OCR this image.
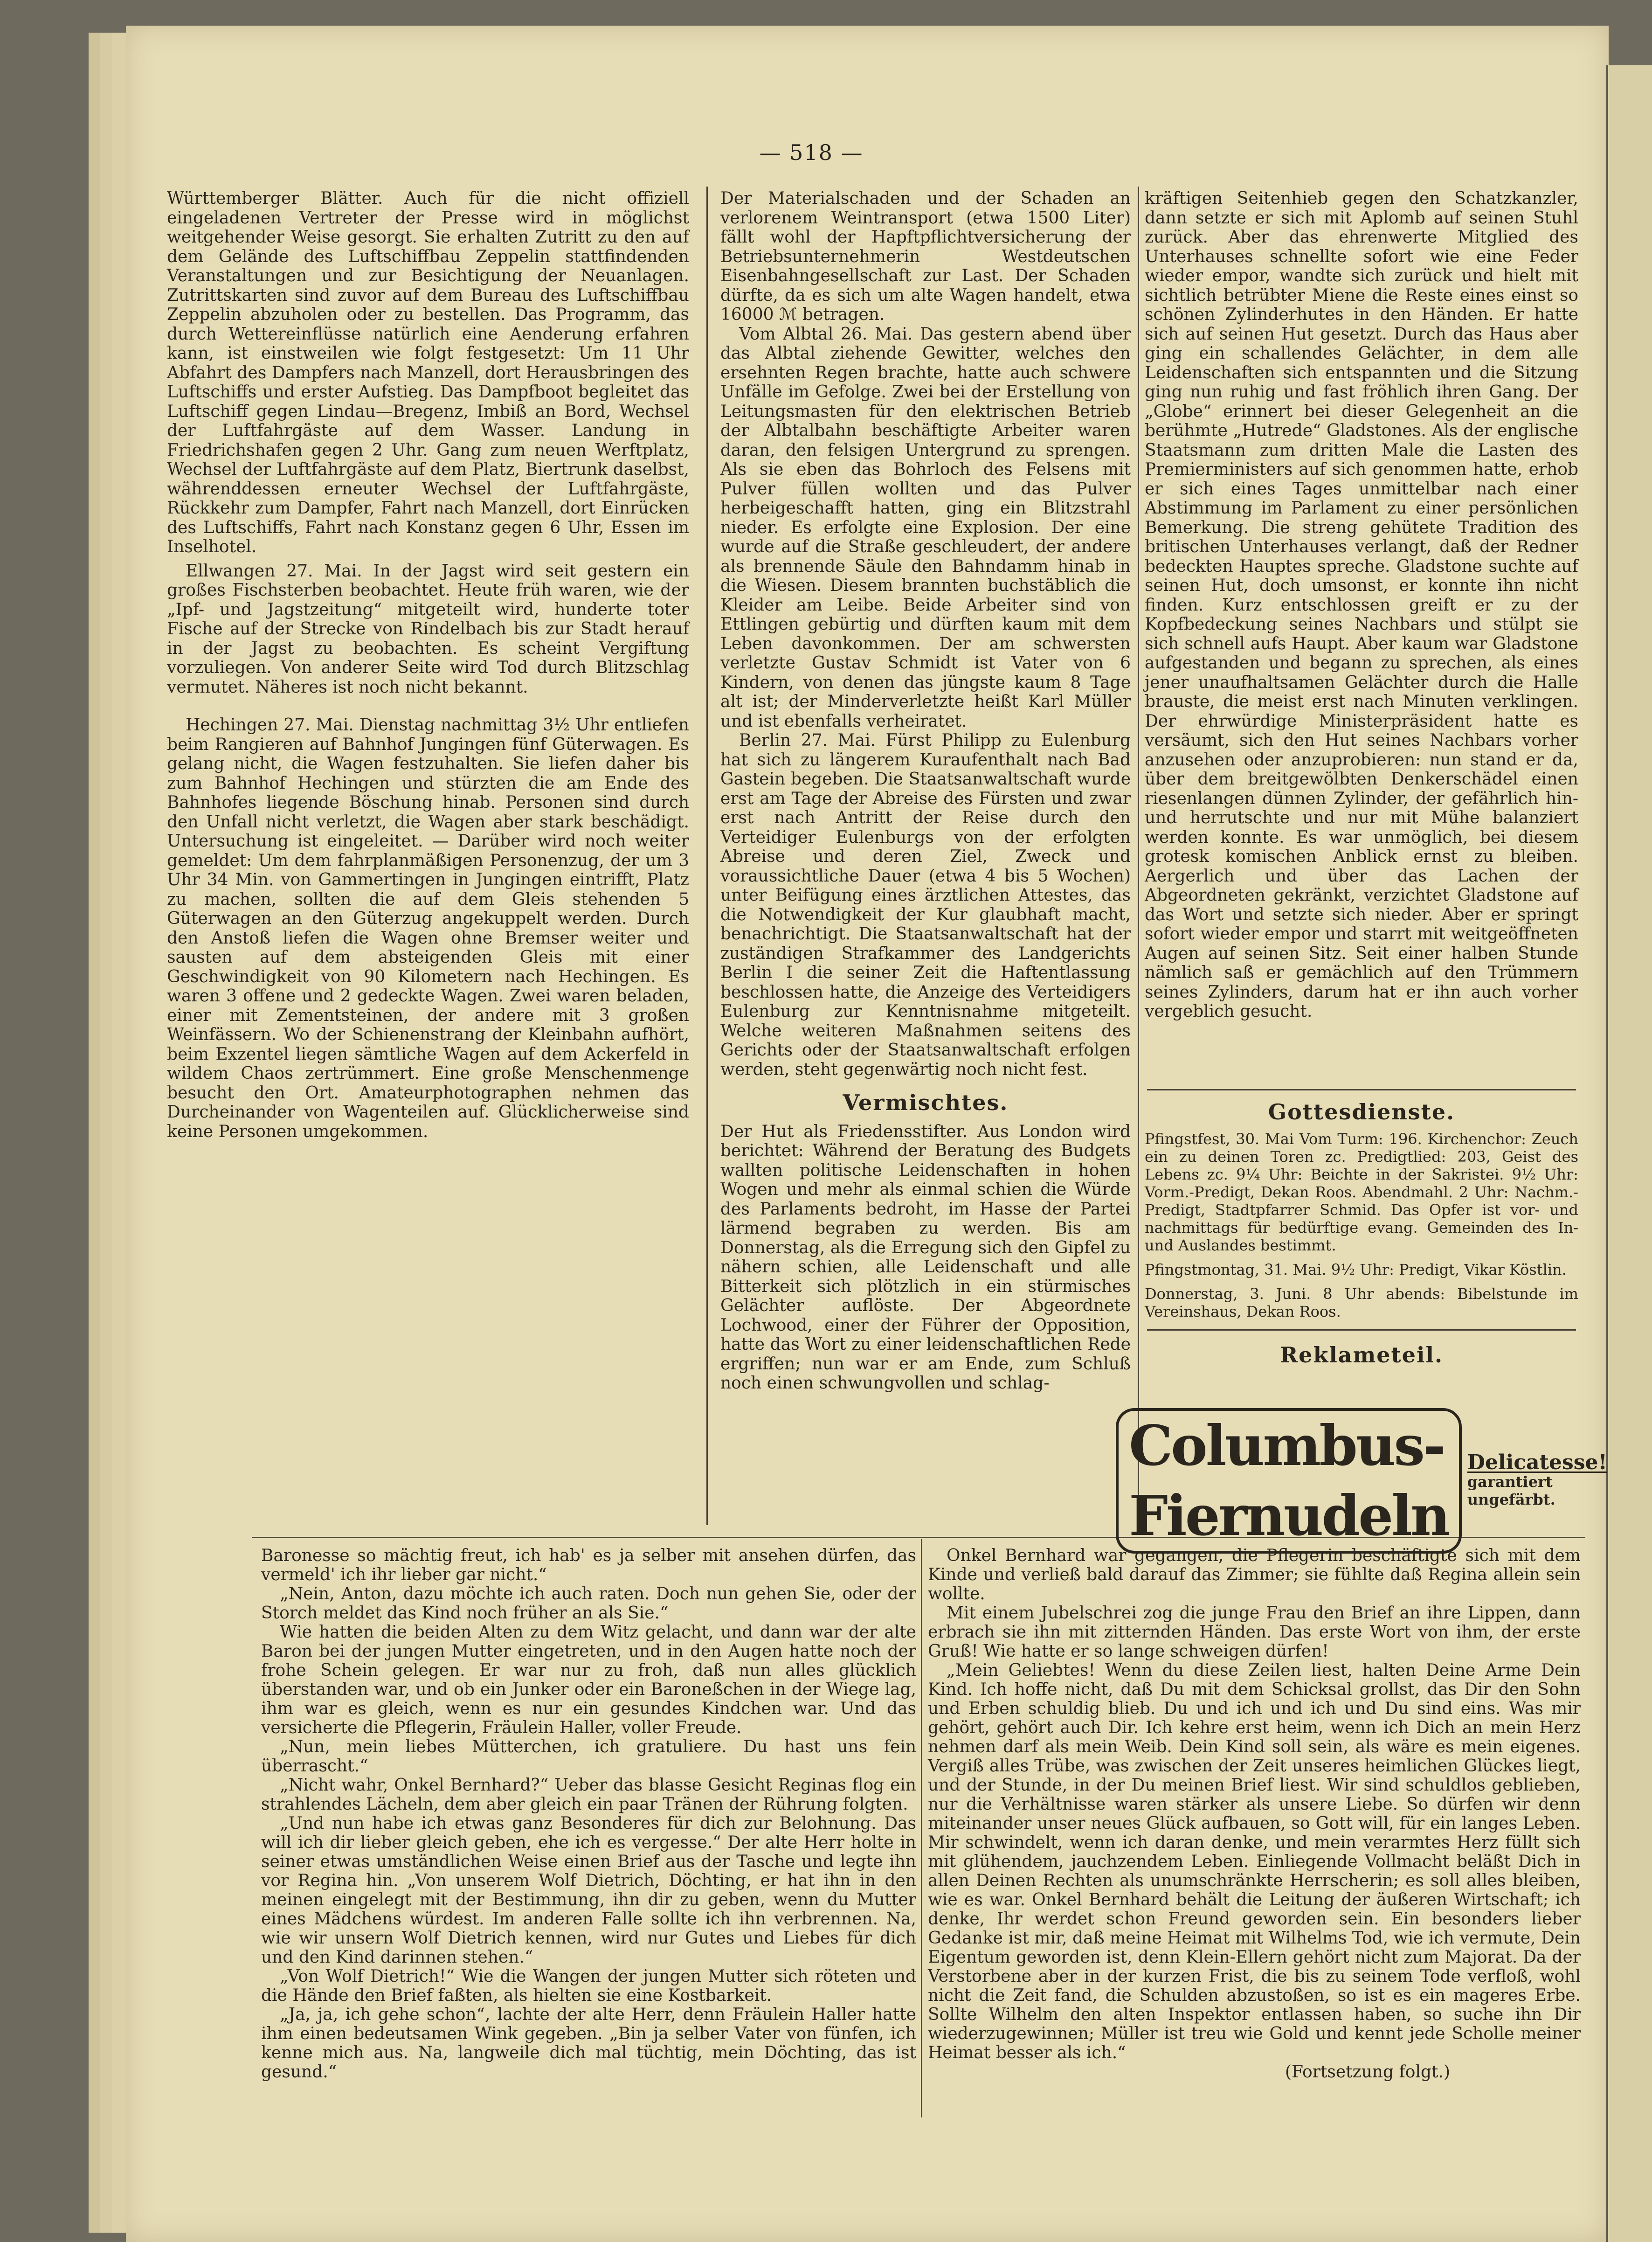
— 518 —

Württemberger Blätter. Auch für die nicht offiziell eingeladenen Vertreter der Presse wird in möglichst weitgehender Weise gesorgt. Sie erhalten Zutritt zu den auf dem Gelände des Luftschiffbau Zeppelin stattfindenden Veranstaltungen und zur Besichtigung der Neuanlagen. Zutrittskarten sind zuvor auf dem Bureau des Luftschiffbau Zeppelin abzuholen oder zu bestellen. Das Programm, das durch Wettereinflüsse natürlich eine Aenderung erfahren kann, ist einstweilen wie folgt festgesetzt: Um 11 Uhr Abfahrt des Dampfers nach Manzell, dort Herausbringen des Luftschiffs und erster Aufstieg. Das Dampfboot begleitet das Luftschiff gegen Lindau—Bregenz, Imbiß an Bord, Wechsel der Luftfahrgäste auf dem Wasser. Landung in Friedrichshafen gegen 2 Uhr. Gang zum neuen Werftplatz, Wechsel der Luftfahrgäste auf dem Platz, Biertrunk daselbst, währenddessen erneuter Wechsel der Luftfahrgäste, Rückkehr zum Dampfer, Fahrt nach Manzell, dort Einrücken des Luftschiffs, Fahrt nach Konstanz gegen 6 Uhr, Essen im Inselhotel.

Ellwangen 27. Mai. In der Jagst wird seit gestern ein großes Fischsterben beobachtet. Heute früh waren, wie der „Ipf- und Jagstzeitung“ mitgeteilt wird, hunderte toter Fische auf der Strecke von Rindelbach bis zur Stadt herauf in der Jagst zu beobachten. Es scheint Vergiftung vorzuliegen. Von anderer Seite wird Tod durch Blitzschlag vermutet. Näheres ist noch nicht bekannt.

Hechingen 27. Mai. Dienstag nachmittag 3½ Uhr entliefen beim Rangieren auf Bahnhof Jungingen fünf Güterwagen. Es gelang nicht, die Wagen festzuhalten. Sie liefen daher bis zum Bahnhof Hechingen und stürzten die am Ende des Bahnhofes liegende Böschung hinab. Personen sind durch den Unfall nicht verletzt, die Wagen aber stark beschädigt. Untersuchung ist eingeleitet. — Darüber wird noch weiter gemeldet: Um dem fahrplanmäßigen Personenzug, der um 3 Uhr 34 Min. von Gammertingen in Jungingen eintrifft, Platz zu machen, sollten die auf dem Gleis stehenden 5 Güterwagen an den Güterzug angekuppelt werden. Durch den Anstoß liefen die Wagen ohne Bremser weiter und sausten auf dem absteigenden Gleis mit einer Geschwindigkeit von 90 Kilometern nach Hechingen. Es waren 3 offene und 2 gedeckte Wagen. Zwei waren beladen, einer mit Zementsteinen, der andere mit 3 großen Weinfässern. Wo der Schienenstrang der Kleinbahn aufhört, beim Exzentel liegen sämtliche Wagen auf dem Ackerfeld in wildem Chaos zertrümmert. Eine große Menschenmenge besucht den Ort. Amateurphotographen nehmen das Durcheinander von Wagenteilen auf. Glücklicherweise sind keine Personen umgekommen.

Der Materialschaden und der Schaden an verlorenem Weintransport (etwa 1500 Liter) fällt wohl der Hapftpflichtversicherung der Betriebsunternehmerin Westdeutschen Eisenbahngesellschaft zur Last. Der Schaden dürfte, da es sich um alte Wagen handelt, etwa 16000 ℳ betragen.

Vom Albtal 26. Mai. Das gestern abend über das Albtal ziehende Gewitter, welches den ersehnten Regen brachte, hatte auch schwere Unfälle im Gefolge. Zwei bei der Erstellung von Leitungsmasten für den elektrischen Betrieb der Albtalbahn beschäftigte Arbeiter waren daran, den felsigen Untergrund zu sprengen. Als sie eben das Bohrloch des Felsens mit Pulver füllen wollten und das Pulver herbeigeschafft hatten, ging ein Blitzstrahl nieder. Es erfolgte eine Explosion. Der eine wurde auf die Straße geschleudert, der andere als brennende Säule den Bahndamm hinab in die Wiesen. Diesem brannten buchstäblich die Kleider am Leibe. Beide Arbeiter sind von Ettlingen gebürtig und dürften kaum mit dem Leben davonkommen. Der am schwersten verletzte Gustav Schmidt ist Vater von 6 Kindern, von denen das jüngste kaum 8 Tage alt ist; der Minderverletzte heißt Karl Müller und ist ebenfalls verheiratet.

Berlin 27. Mai. Fürst Philipp zu Eulenburg hat sich zu längerem Kuraufenthalt nach Bad Gastein begeben. Die Staatsanwaltschaft wurde erst am Tage der Abreise des Fürsten und zwar erst nach Antritt der Reise durch den Verteidiger Eulenburgs von der erfolgten Abreise und deren Ziel, Zweck und voraussichtliche Dauer (etwa 4 bis 5 Wochen) unter Beifügung eines ärztlichen Attestes, das die Notwendigkeit der Kur glaubhaft macht, benachrichtigt. Die Staatsanwaltschaft hat der zuständigen Strafkammer des Landgerichts Berlin I die seiner Zeit die Haftentlassung beschlossen hatte, die Anzeige des Verteidigers Eulenburg zur Kenntnisnahme mitgeteilt. Welche weiteren Maßnahmen seitens des Gerichts oder der Staatsanwaltschaft erfolgen werden, steht gegenwärtig noch nicht fest.

Vermischtes.

Der Hut als Friedensstifter. Aus London wird berichtet: Während der Beratung des Budgets wallten politische Leidenschaften in hohen Wogen und mehr als einmal schien die Würde des Parlaments bedroht, im Hasse der Partei lärmend begraben zu werden. Bis am Donnerstag, als die Erregung sich den Gipfel zu nähern schien, alle Leidenschaft und alle Bitterkeit sich plötzlich in ein stürmisches Gelächter auflöste. Der Abgeordnete Lochwood, einer der Führer der Opposition, hatte das Wort zu einer leidenschaftlichen Rede ergriffen; nun war er am Ende, zum Schluß noch einen schwungvollen und schlag-

kräftigen Seitenhieb gegen den Schatzkanzler, dann setzte er sich mit Aplomb auf seinen Stuhl zurück. Aber das ehrenwerte Mitglied des Unterhauses schnellte sofort wie eine Feder wieder empor, wandte sich zurück und hielt mit sichtlich betrübter Miene die Reste eines einst so schönen Zylinderhutes in den Händen. Er hatte sich auf seinen Hut gesetzt. Durch das Haus aber ging ein schallendes Gelächter, in dem alle Leidenschaften sich entspannten und die Sitzung ging nun ruhig und fast fröhlich ihren Gang. Der „Globe“ erinnert bei dieser Gelegenheit an die berühmte „Hutrede“ Gladstones. Als der englische Staatsmann zum dritten Male die Lasten des Premierministers auf sich genommen hatte, erhob er sich eines Tages unmittelbar nach einer Abstimmung im Parlament zu einer persönlichen Bemerkung. Die streng gehütete Tradition des britischen Unterhauses verlangt, daß der Redner bedeckten Hauptes spreche. Gladstone suchte auf seinen Hut, doch umsonst, er konnte ihn nicht finden. Kurz entschlossen greift er zu der Kopfbedeckung seines Nachbars und stülpt sie sich schnell aufs Haupt. Aber kaum war Gladstone aufgestanden und begann zu sprechen, als eines jener unaufhaltsamen Gelächter durch die Halle brauste, die meist erst nach Minuten verklingen. Der ehrwürdige Ministerpräsident hatte es versäumt, sich den Hut seines Nachbars vorher anzusehen oder anzuprobieren: nun stand er da, über dem breitgewölbten Denkerschädel einen riesenlangen dünnen Zylinder, der gefährlich hin- und herrutschte und nur mit Mühe balanziert werden konnte. Es war unmöglich, bei diesem grotesk komischen Anblick ernst zu bleiben. Aergerlich und über das Lachen der Abgeordneten gekränkt, verzichtet Gladstone auf das Wort und setzte sich nieder. Aber er springt sofort wieder empor und starrt mit weitgeöffneten Augen auf seinen Sitz. Seit einer halben Stunde nämlich saß er gemächlich auf den Trümmern seines Zylinders, darum hat er ihn auch vorher vergeblich gesucht.

Gottesdienste.

Pfingstfest, 30. Mai Vom Turm: 196. Kirchenchor: Zeuch ein zu deinen Toren zc. Predigtlied: 203, Geist des Lebens zc. 9¼ Uhr: Beichte in der Sakristei. 9½ Uhr: Vorm.-Predigt, Dekan Roos. Abendmahl. 2 Uhr: Nachm.-Predigt, Stadtpfarrer Schmid. Das Opfer ist vor- und nachmittags für bedürftige evang. Gemeinden des In- und Auslandes bestimmt.

Pfingstmontag, 31. Mai. 9½ Uhr: Predigt, Vikar Köstlin.

Donnerstag, 3. Juni. 8 Uhr abends: Bibelstunde im Vereinshaus, Dekan Roos.

Reklameteil.
Columbus-Fiernudeln
Delicatesse!
garantiert
ungefärbt.

Baronesse so mächtig freut, ich hab' es ja selber mit ansehen dürfen, das vermeld' ich ihr lieber gar nicht.“

„Nein, Anton, dazu möchte ich auch raten. Doch nun gehen Sie, oder der Storch meldet das Kind noch früher an als Sie.“

Wie hatten die beiden Alten zu dem Witz gelacht, und dann war der alte Baron bei der jungen Mutter eingetreten, und in den Augen hatte noch der frohe Schein gelegen. Er war nur zu froh, daß nun alles glücklich überstanden war, und ob ein Junker oder ein Baroneßchen in der Wiege lag, ihm war es gleich, wenn es nur ein gesundes Kindchen war. Und das versicherte die Pflegerin, Fräulein Haller, voller Freude.

„Nun, mein liebes Mütterchen, ich gratuliere. Du hast uns fein überrascht.“

„Nicht wahr, Onkel Bernhard?“ Ueber das blasse Gesicht Reginas flog ein strahlendes Lächeln, dem aber gleich ein paar Tränen der Rührung folgten.

„Und nun habe ich etwas ganz Besonderes für dich zur Belohnung. Das will ich dir lieber gleich geben, ehe ich es vergesse.“ Der alte Herr holte in seiner etwas umständlichen Weise einen Brief aus der Tasche und legte ihn vor Regina hin. „Von unserem Wolf Dietrich, Döchting, er hat ihn in den meinen eingelegt mit der Bestimmung, ihn dir zu geben, wenn du Mutter eines Mädchens würdest. Im anderen Falle sollte ich ihn verbrennen. Na, wie wir unsern Wolf Dietrich kennen, wird nur Gutes und Liebes für dich und den Kind darinnen stehen.“

„Von Wolf Dietrich!“ Wie die Wangen der jungen Mutter sich röteten und die Hände den Brief faßten, als hielten sie eine Kostbarkeit.

„Ja, ja, ich gehe schon“, lachte der alte Herr, denn Fräulein Haller hatte ihm einen bedeutsamen Wink gegeben. „Bin ja selber Vater von fünfen, ich kenne mich aus. Na, langweile dich mal tüchtig, mein Döchting, das ist gesund.“

Onkel Bernhard war gegangen, die Pflegerin beschäftigte sich mit dem Kinde und verließ bald darauf das Zimmer; sie fühlte daß Regina allein sein wollte.

Mit einem Jubelschrei zog die junge Frau den Brief an ihre Lippen, dann erbrach sie ihn mit zitternden Händen. Das erste Wort von ihm, der erste Gruß! Wie hatte er so lange schweigen dürfen!

„Mein Geliebtes! Wenn du diese Zeilen liest, halten Deine Arme Dein Kind. Ich hoffe nicht, daß Du mit dem Schicksal grollst, das Dir den Sohn und Erben schuldig blieb. Du und ich und ich und Du sind eins. Was mir gehört, gehört auch Dir. Ich kehre erst heim, wenn ich Dich an mein Herz nehmen darf als mein Weib. Dein Kind soll sein, als wäre es mein eigenes. Vergiß alles Trübe, was zwischen der Zeit unseres heimlichen Glückes liegt, und der Stunde, in der Du meinen Brief liest. Wir sind schuldlos geblieben, nur die Verhältnisse waren stärker als unsere Liebe. So dürfen wir denn miteinander unser neues Glück aufbauen, so Gott will, für ein langes Leben. Mir schwindelt, wenn ich daran denke, und mein verarmtes Herz füllt sich mit glühendem, jauchzendem Leben. Einliegende Vollmacht beläßt Dich in allen Deinen Rechten als unumschränkte Herrscherin; es soll alles bleiben, wie es war. Onkel Bernhard behält die Leitung der äußeren Wirtschaft; ich denke, Ihr werdet schon Freund geworden sein. Ein besonders lieber Gedanke ist mir, daß meine Heimat mit Wilhelms Tod, wie ich vermute, Dein Eigentum geworden ist, denn Klein-Ellern gehört nicht zum Majorat. Da der Verstorbene aber in der kurzen Frist, die bis zu seinem Tode verfloß, wohl nicht die Zeit fand, die Schulden abzustoßen, so ist es ein mageres Erbe. Sollte Wilhelm den alten Inspektor entlassen haben, so suche ihn Dir wiederzugewinnen; Müller ist treu wie Gold und kennt jede Scholle meiner Heimat besser als ich.“

(Fortsetzung folgt.)
